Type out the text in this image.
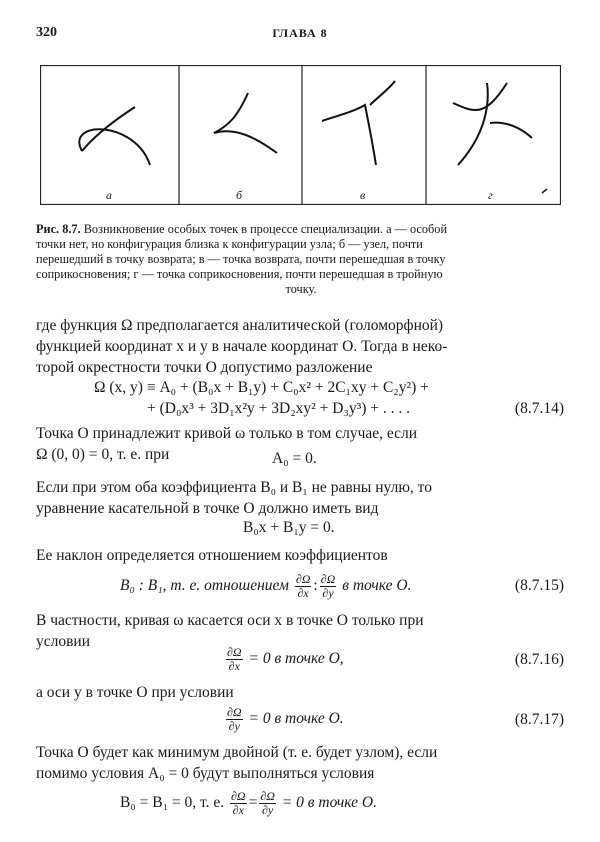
320	ГЛАВА 8
а	б	в	г
Рис. 8.7. Возникновение особых точек в процессе специализации. а — особой
точки нет, но конфигурация близка к конфигурации узла; б — узел, почти
перешедший в точку возврата; в — точка возврата, почти перешедшая в точку
соприкосновения; г — точка соприкосновения, почти перешедшая в тройную
точку.
где функция Ω предполагается аналитической (голоморфной)
функцией координат x и y в начале координат O. Тогда в неко-
торой окрестности точки O допустимо разложение
Ω (x, y) ≡ A₀ + (B₀x + B₁y) + C₀x² + 2C₁xy + C₂y²) +
+ (D₀x³ + 3D₁x²y + 3D₂xy² + D₃y³) + . . . .	(8.7.14)
Точка O принадлежит кривой ω только в том случае, если
Ω (0, 0) = 0, т. е. при	A₀ = 0.
Если при этом оба коэффициента B₀ и B₁ не равны нулю, то
уравнение касательной в точке O должно иметь вид
B₀x + B₁y = 0.
Ее наклон определяется отношением коэффициентов
B₀ : B₁, т. е. отношением $\frac{\partial\Omega}{\partial x}$ : $\frac{\partial\Omega}{\partial y}$ в точке O.	(8.7.15)
В частности, кривая ω касается оси x в точке O только при
условии
$\frac{\partial\Omega}{\partial x} = 0$ в точке O,	(8.7.16)
а оси y в точке O при условии
$\frac{\partial\Omega}{\partial y} = 0$ в точке O.	(8.7.17)
Точка O будет как минимум двойной (т. е. будет узлом), если
помимо условия A₀ = 0 будут выполняться условия
B₀ = B₁ = 0, т. е. $\frac{\partial\Omega}{\partial x} = \frac{\partial\Omega}{\partial y} = 0$ в точке O.
